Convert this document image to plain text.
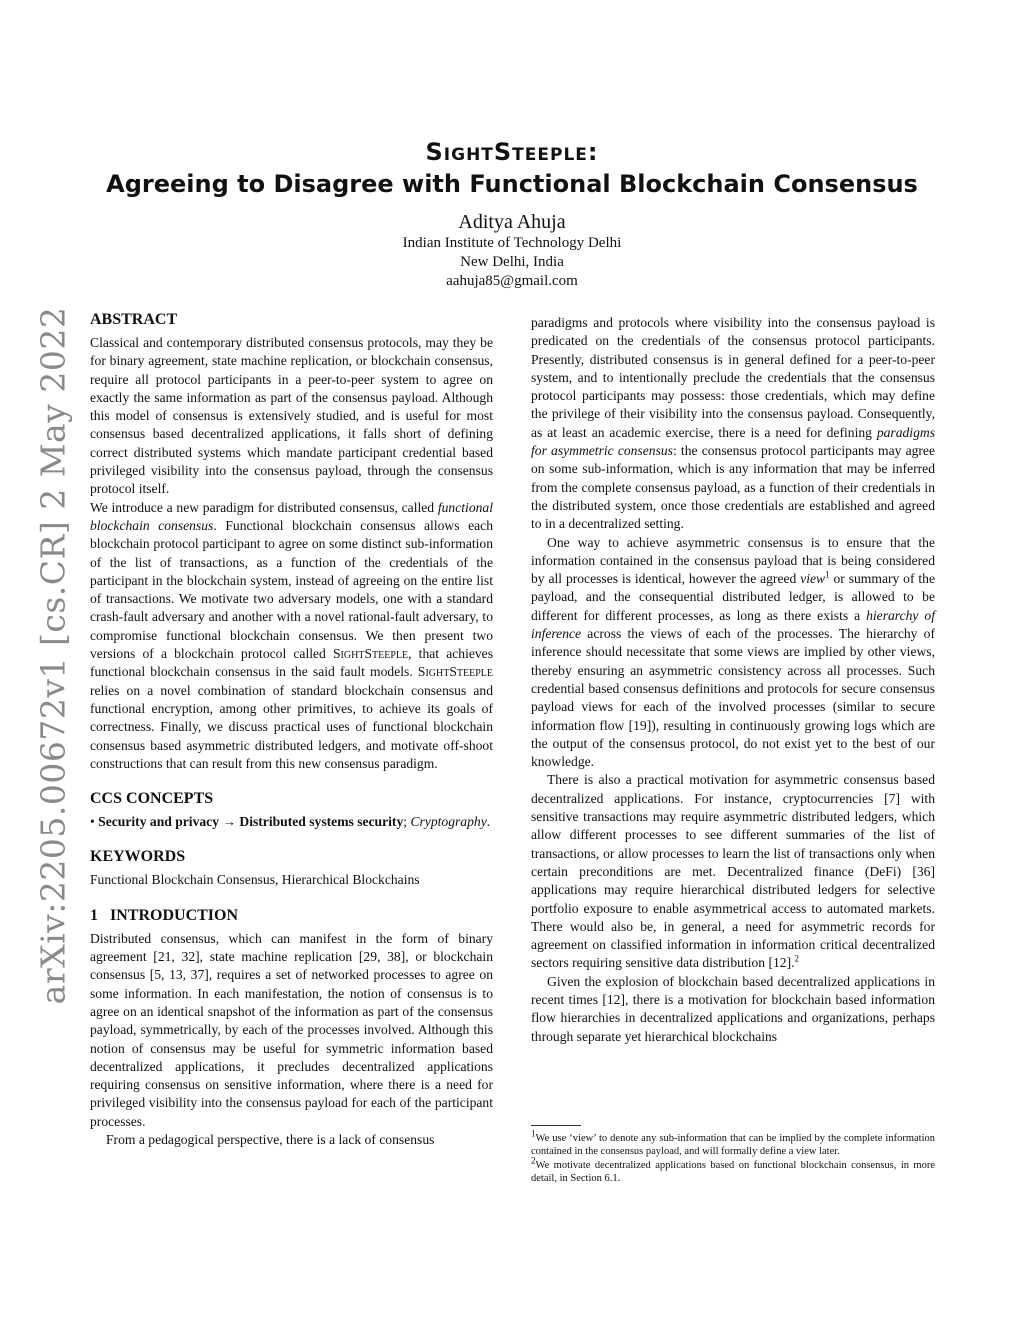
arXiv:2205.00672v1 [cs.CR] 2 May 2022
SightSteeple:
Agreeing to Disagree with Functional Blockchain Consensus
Aditya Ahuja
Indian Institute of Technology Delhi
New Delhi, India
aahuja85@gmail.com
ABSTRACT

Classical and contemporary distributed consensus protocols, may they be for binary agreement, state machine replication, or blockchain consensus, require all protocol participants in a peer-to-peer system to agree on exactly the same information as part of the consensus payload. Although this model of consensus is extensively studied, and is useful for most consensus based decentralized applications, it falls short of defining correct distributed systems which mandate participant credential based privileged visibility into the consensus payload, through the consensus protocol itself.

We introduce a new paradigm for distributed consensus, called functional blockchain consensus. Functional blockchain consensus allows each blockchain protocol participant to agree on some distinct sub-information of the list of transactions, as a function of the credentials of the participant in the blockchain system, instead of agreeing on the entire list of transactions. We motivate two adversary models, one with a standard crash-fault adversary and another with a novel rational-fault adversary, to compromise functional blockchain consensus. We then present two versions of a blockchain protocol called SightSteeple, that achieves functional blockchain consensus in the said fault models. SightSteeple relies on a novel combination of standard blockchain consensus and functional encryption, among other primitives, to achieve its goals of correctness. Finally, we discuss practical uses of functional blockchain consensus based asymmetric distributed ledgers, and motivate off-shoot constructions that can result from this new consensus paradigm.

CCS CONCEPTS

• Security and privacy → Distributed systems security; Cryptography.

KEYWORDS

Functional Blockchain Consensus, Hierarchical Blockchains

1   INTRODUCTION

Distributed consensus, which can manifest in the form of binary agreement [21, 32], state machine replication [29, 38], or blockchain consensus [5, 13, 37], requires a set of networked processes to agree on some information. In each manifestation, the notion of consensus is to agree on an identical snapshot of the information as part of the consensus payload, symmetrically, by each of the processes involved. Although this notion of consensus may be useful for symmetric information based decentralized applications, it precludes decentralized applications requiring consensus on sensitive information, where there is a need for privileged visibility into the consensus payload for each of the participant processes.

From a pedagogical perspective, there is a lack of consensus

paradigms and protocols where visibility into the consensus payload is predicated on the credentials of the consensus protocol participants. Presently, distributed consensus is in general defined for a peer-to-peer system, and to intentionally preclude the credentials that the consensus protocol participants may possess: those credentials, which may define the privilege of their visibility into the consensus payload. Consequently, as at least an academic exercise, there is a need for defining paradigms for asymmetric consensus: the consensus protocol participants may agree on some sub-information, which is any information that may be inferred from the complete consensus payload, as a function of their credentials in the distributed system, once those credentials are established and agreed to in a decentralized setting.

One way to achieve asymmetric consensus is to ensure that the information contained in the consensus payload that is being considered by all processes is identical, however the agreed view$^1$ or summary of the payload, and the consequential distributed ledger, is allowed to be different for different processes, as long as there exists a hierarchy of inference across the views of each of the processes. The hierarchy of inference should necessitate that some views are implied by other views, thereby ensuring an asymmetric consistency across all processes. Such credential based consensus definitions and protocols for secure consensus payload views for each of the involved processes (similar to secure information flow [19]), resulting in continuously growing logs which are the output of the consensus protocol, do not exist yet to the best of our knowledge.

There is also a practical motivation for asymmetric consensus based decentralized applications. For instance, cryptocurrencies [7] with sensitive transactions may require asymmetric distributed ledgers, which allow different processes to see different summaries of the list of transactions, or allow processes to learn the list of transactions only when certain preconditions are met. Decentralized finance (DeFi) [36] applications may require hierarchical distributed ledgers for selective portfolio exposure to enable asymmetrical access to automated markets. There would also be, in general, a need for asymmetric records for agreement on classified information in information critical decentralized sectors requiring sensitive data distribution [12].$^2$

Given the explosion of blockchain based decentralized applications in recent times [12], there is a motivation for blockchain based information flow hierarchies in decentralized applications and organizations, perhaps through separate yet hierarchical blockchains

$^1$We use ‘view’ to denote any sub-information that can be implied by the complete information contained in the consensus payload, and will formally define a view later.

$^2$We motivate decentralized applications based on functional blockchain consensus, in more detail, in Section 6.1.
